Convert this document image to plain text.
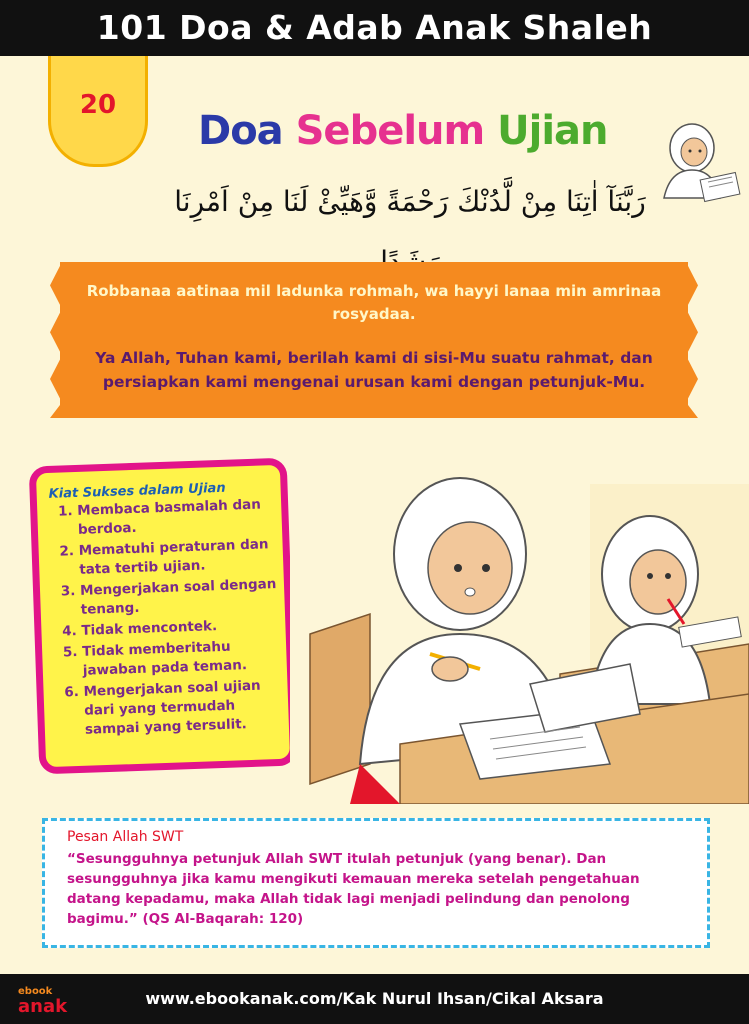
101 Doa & Adab Anak Shaleh
20
Doa Sebelum Ujian
رَبَّنَآ اٰتِنَا مِنْ لَّدُنْكَ رَحْمَةً وَّهَيِّئْ لَنَا مِنْ اَمْرِنَا
Robbanaa aatinaa mil ladunka rohmah, wa hayyi lanaa min amrinaa rosyadaa.
Ya Allah, Tuhan kami, berilah kami di sisi-Mu suatu rahmat, dan persiapkan kami mengenai urusan kami dengan petunjuk-Mu.
Kiat Sukses dalam Ujian
1. Membaca basmalah dan berdoa.
2. Mematuhi peraturan dan tata tertib ujian.
3. Mengerjakan soal dengan tenang.
4. Tidak mencontek.
5. Tidak memberitahu jawaban pada teman.
6. Mengerjakan soal ujian dari yang termudah sampai yang tersulit.
Pesan Allah SWT
“Sesungguhnya petunjuk Allah SWT itulah petunjuk (yang benar). Dan sesungguhnya jika kamu mengikuti kemauan mereka setelah pengetahuan datang kepadamu, maka Allah tidak lagi menjadi pelindung dan penolong bagimu.” (QS Al-Baqarah: 120)
ebook
anak	www.ebookanak.com/Kak Nurul Ihsan/Cikal Aksara
